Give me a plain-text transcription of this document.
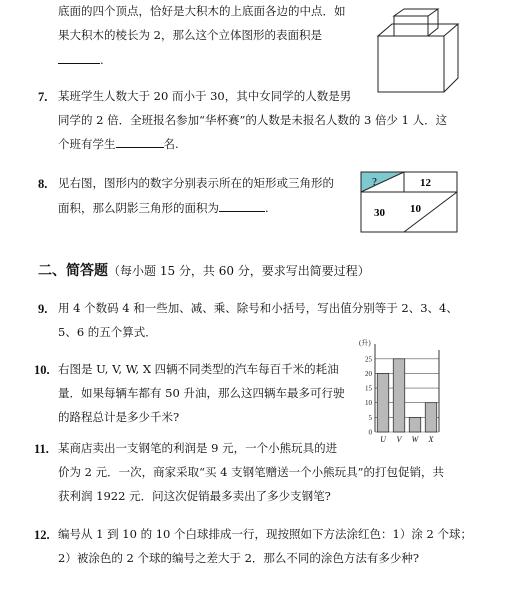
底面的四个顶点，恰好是大积木的上底面各边的中点．如
果大积木的棱长为 2，那么这个立体图形的表面积是
.
7. 某班学生人数大于 20 而小于 30，其中女同学的人数是男
同学的 2 倍．全班报名参加“华杯赛”的人数是未报名人数的 3 倍少 1 人．这
个班有学生	名.
8. 见右图，图形内的数字分别表示所在的矩形或三角形的
面积，那么阴影三角形的面积为	.
?	12
30 10
二、简答题（每小题 15 分，共 60 分，要求写出简要过程）
9. 用 4 个数码 4 和一些加、减、乘、除号和小括号，写出值分别等于 2、3、4、
5、6 的五个算式．
10. 右图是 U, V, W, X 四辆不同类型的汽车每百千米的耗油
量．如果每辆车都有 50 升油，那么这四辆车最多可行驶
的路程总计是多少千米?
(升)
0
5
10
15
20
25
U V W X
11. 某商店卖出一支钢笔的利润是 9 元，一个小熊玩具的进
价为 2 元．一次，商家采取“买 4 支钢笔赠送一个小熊玩具”的打包促销，共
获利润 1922 元．问这次促销最多卖出了多少支钢笔?
12. 编号从 1 到 10 的 10 个白球排成一行，现按照如下方法涂红色：1）涂 2 个球；
2）被涂色的 2 个球的编号之差大于 2．那么不同的涂色方法有多少种?
